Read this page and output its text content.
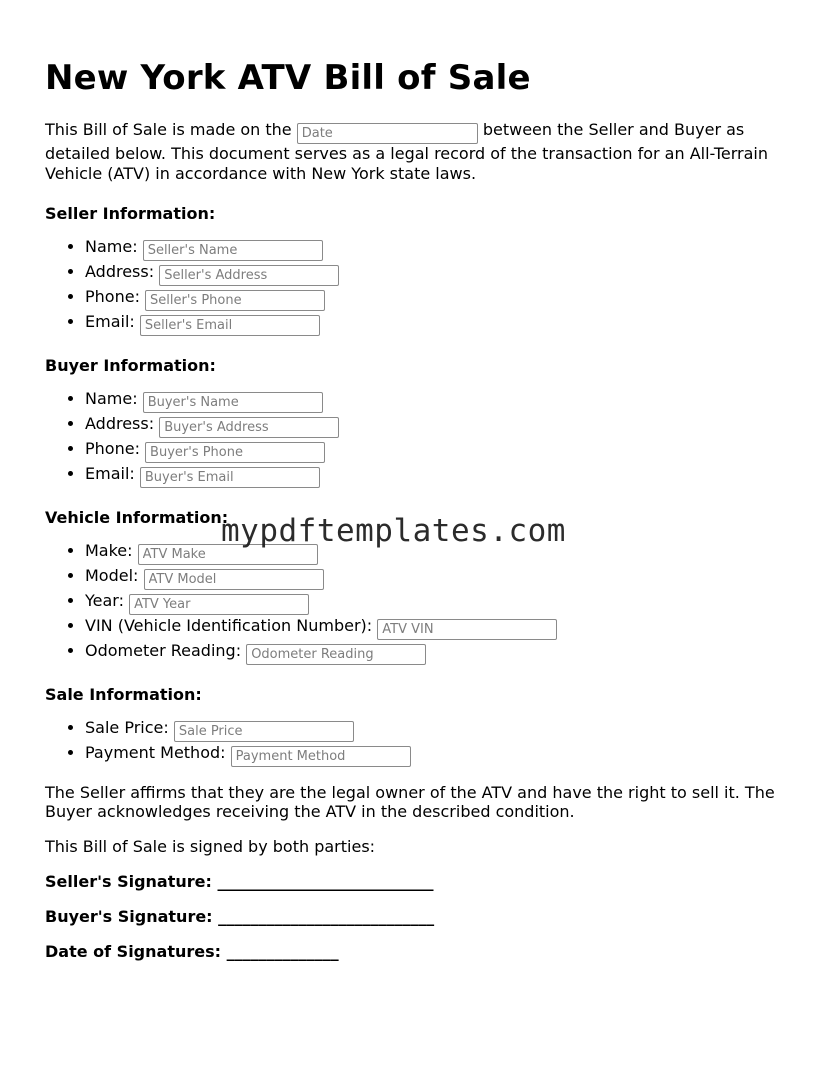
New York ATV Bill of Sale

This Bill of Sale is made on the Date	between the Seller and Buyer as detailed below. This document serves as a legal record of the transaction for an All-Terrain Vehicle (ATV) in accordance with New York state laws.

Seller Information:
• Name: Seller's Name
• Address: Seller's Address
• Phone: Seller's Phone
• Email: Seller's Email
Buyer Information:
• Name: Buyer's Name
• Address: Buyer's Address
• Phone: Buyer's Phone
• Email: Buyer's Email
Vehicle Information:
• Make: ATV Make
• Model: ATV Model
• Year: ATV Year
• VIN (Vehicle Identification Number): ATV VIN
• Odometer Reading: Odometer Reading
Sale Information:
• Sale Price: Sale Price
• Payment Method: Payment Method

The Seller affirms that they are the legal owner of the ATV and have the right to sell it. The Buyer acknowledges receiving the ATV in the described condition.

This Bill of Sale is signed by both parties:

Seller's Signature: ___________________________

Buyer's Signature: ___________________________

Date of Signatures: ______________

mypdftemplates.com
